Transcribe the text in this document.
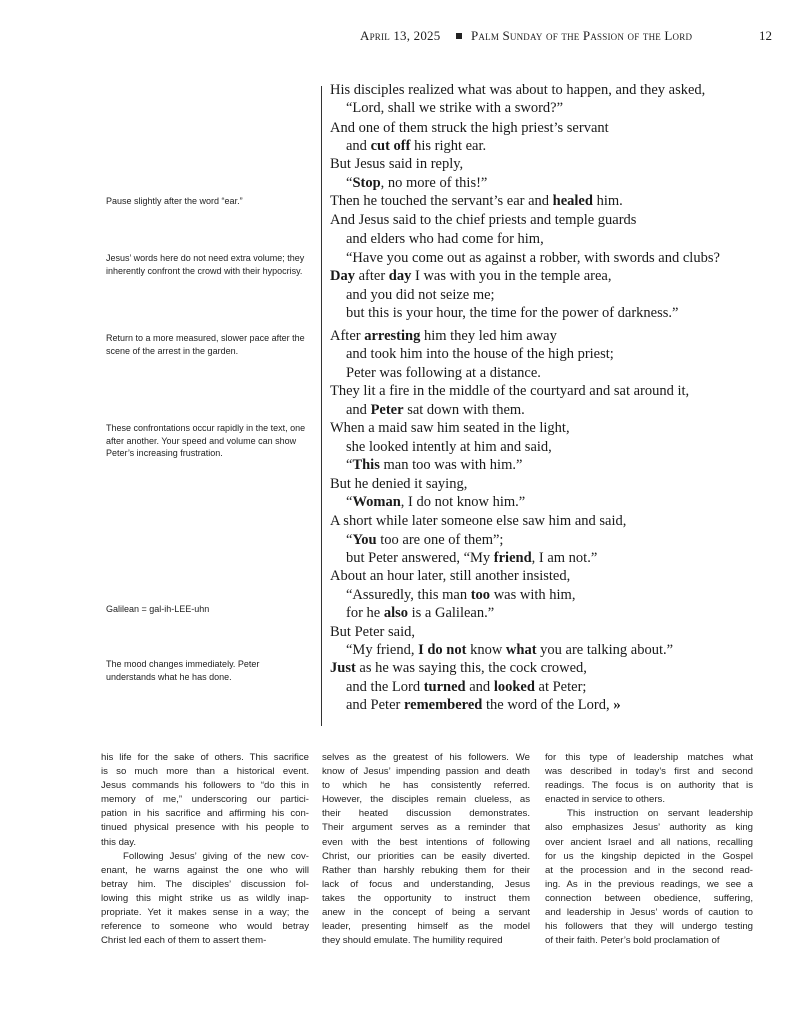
April 13, 2025 Palm Sunday of the Passion of the Lord	12
Pause slightly after the word “ear.”
Jesus’ words here do not need extra volume; they inherently confront the crowd with their hypocrisy.
Return to a more measured, slower pace after the scene of the arrest in the garden.
These confrontations occur rapidly in the text, one after another. Your speed and volume can show Peter’s increasing frustration.
Galilean = gal-ih-LEE-uhn
The mood changes immediately. Peter understands what he has done.
His disciples realized what was about to happen, and they asked,
“Lord, shall we strike with a sword?”
And one of them struck the high priest’s servant
and cut off his right ear.
But Jesus said in reply,
“Stop, no more of this!”
Then he touched the servant’s ear and healed him.
And Jesus said to the chief priests and temple guards
and elders who had come for him,
“Have you come out as against a robber, with swords and clubs?
Day after day I was with you in the temple area,
and you did not seize me;
but this is your hour, the time for the power of darkness.”
After arresting him they led him away
and took him into the house of the high priest;
Peter was following at a distance.
They lit a fire in the middle of the courtyard and sat around it,
and Peter sat down with them.
When a maid saw him seated in the light,
she looked intently at him and said,
“This man too was with him.”
But he denied it saying,
“Woman, I do not know him.”
A short while later someone else saw him and said,
“You too are one of them”;
but Peter answered, “My friend, I am not.”
About an hour later, still another insisted,
“Assuredly, this man too was with him,
for he also is a Galilean.”
But Peter said,
“My friend, I do not know what you are talking about.”
Just as he was saying this, the cock crowed,
and the Lord turned and looked at Peter;
and Peter remembered the word of the Lord, »

his life for the sake of others. This sacrifice

is so much more than a historical event.

Jesus commands his followers to “do this in

memory of me,” underscoring our partici-

pation in his sacrifice and affirming his con-

tinued physical presence with his people to

this day.

Following Jesus’ giving of the new cov-

enant, he warns against the one who will

betray him. The disciples’ discussion fol-

lowing this might strike us as wildly inap-

propriate. Yet it makes sense in a way; the

reference to someone who would betray

Christ led each of them to assert them-

selves as the greatest of his followers. We

know of Jesus’ impending passion and death

to which he has consistently referred.

However, the disciples remain clueless, as

their heated discussion demonstrates.

Their argument serves as a reminder that

even with the best intentions of following

Christ, our priorities can be easily diverted.

Rather than harshly rebuking them for their

lack of focus and understanding, Jesus

takes the opportunity to instruct them

anew in the concept of being a servant

leader, presenting himself as the model

they should emulate. The humility required

for this type of leadership matches what

was described in today’s first and second

readings. The focus is on authority that is

enacted in service to others.

This instruction on servant leadership

also emphasizes Jesus’ authority as king

over ancient Israel and all nations, recalling

for us the kingship depicted in the Gospel

at the procession and in the second read-

ing. As in the previous readings, we see a

connection between obedience, suffering,

and leadership in Jesus’ words of caution to

his followers that they will undergo testing

of their faith. Peter’s bold proclamation of
